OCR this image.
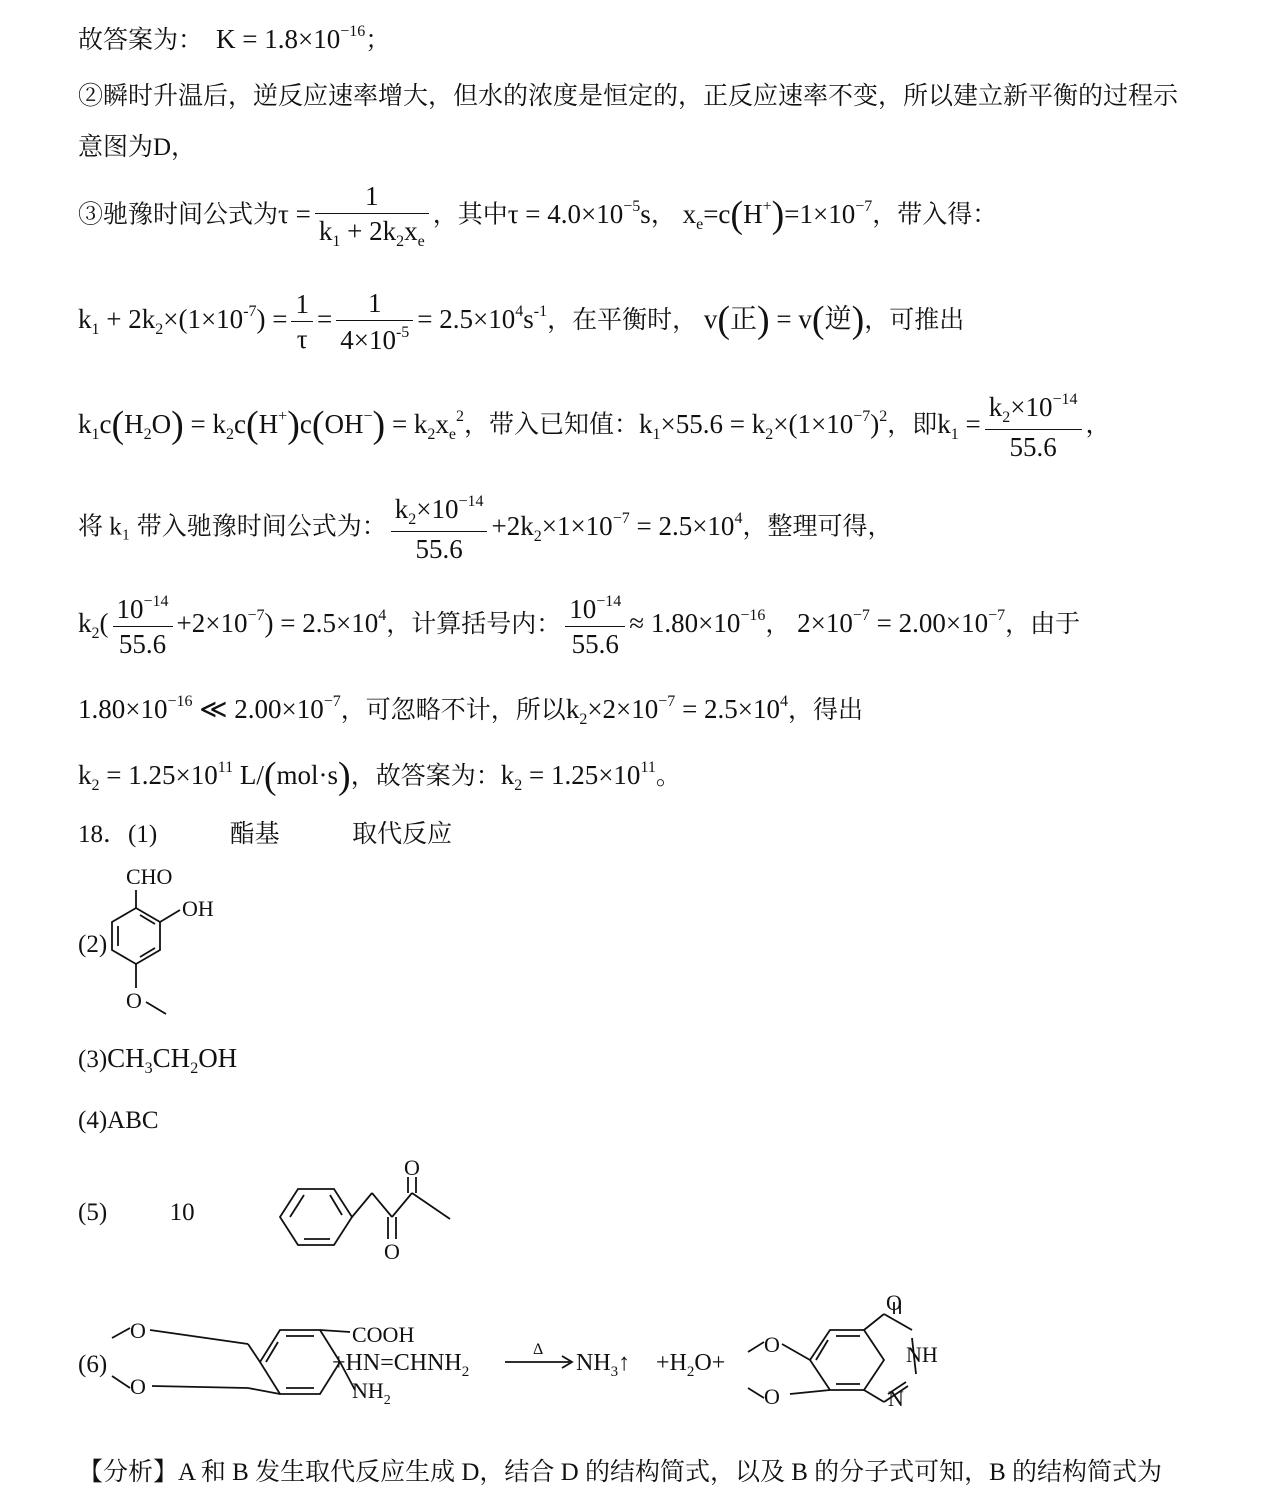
故答案为：  $K = 1.8\times 10^{-16}$；
②瞬时升温后，逆反应速率增大，但水的浓度是恒定的，正反应速率不变，所以建立新平衡的过程示
意图为D，
③驰豫时间公式为$\tau = \frac{1}{k_1 + 2k_2x_e}$ ，其中$\tau = 4.0\times 10^{-5}s$， $x_e=c(H^+)=1\times 10^{-7}$，带入得：
$k_1 + 2k_2\times(1\times 10^{-7}) = \frac{1}{\tau} = \frac{1}{4\times 10^{-5}} = 2.5\times 10^4s^{-1}$，在平衡时， v(正) = v(逆)，可推出
$k_1c(H_2O) = k_2c(H^+)c(OH^-) = k_2x_e^2$，带入已知值：$k_1\times 55.6 = k_2\times(1\times 10^{-7})^2$，即$k_1 = \frac{k_2\times 10^{-14}}{55.6}$ ，
将 k₁ 带入驰豫时间公式为： $\frac{k_2\times 10^{-14}}{55.6} +2k_2\times 1\times 10^{-7} = 2.5\times 10^4$，整理可得，
$k_2( \frac{10^{-14}}{55.6} +2\times 10^{-7}) = 2.5\times 10^4$，计算括号内： $\frac{10^{-14}}{55.6} \approx 1.80\times 10^{-16}$， $2\times 10^{-7} = 2.00\times 10^{-7}$，由于
$1.80\times 10^{-16}$ ≪ $2.00\times 10^{-7}$，可忽略不计，所以$k_2\times 2\times 10^{-7} = 2.5\times 10^4$，得出
$k_2 = 1.25\times 10^{11}$ L/(mol·s)，故答案为：$k_2 = 1.25\times 10^{11}$。
18．(1)	酯基	取代反应
(2)
CHO
OH
O
$(3)CH_3CH_2OH$
(4)ABC
(5)	10
O
O
(6)
O
O
COOH
$NH_2$
$+HN=CHNH_2$
Δ
$NH_3↑ +H_2O+$
O
O
O
NH
N
【分析】A 和 B 发生取代反应生成 D，结合 D 的结构简式，以及 B 的分子式可知，B 的结构简式为
